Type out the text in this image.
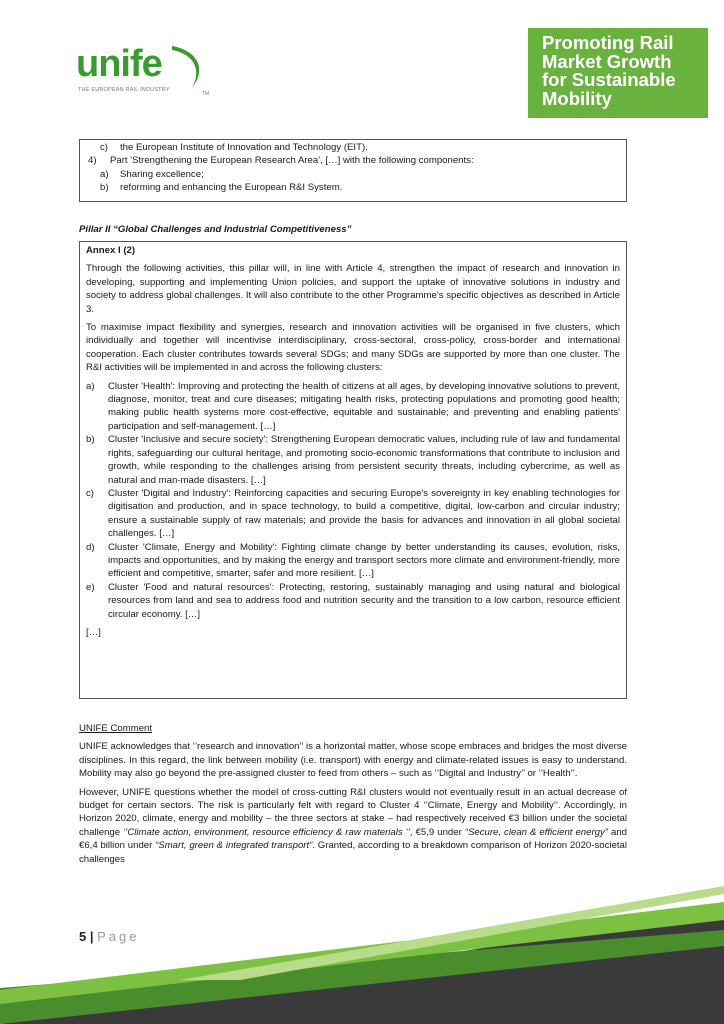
unife
THE EUROPEAN RAIL INDUSTRY
TM
Promoting Rail
Market Growth
for Sustainable
Mobility
c)	the European Institute of Innovation and Technology (EIT).
4)	Part 'Strengthening the European Research Area', […] with the following components:
a)	Sharing excellence;
b)	reforming and enhancing the European R&I System.
Pillar II “Global Challenges and Industrial Competitiveness”

Annex I (2)

Through the following activities, this pillar will, in line with Article 4, strengthen the impact of research and innovation in developing, supporting and implementing Union policies, and support the uptake of innovative solutions in industry and society to address global challenges. It will also contribute to the other Programme's specific objectives as described in Article 3.

To maximise impact flexibility and synergies, research and innovation activities will be organised in five clusters, which individually and together will incentivise interdisciplinary, cross-sectoral, cross-policy, cross-border and international cooperation. Each cluster contributes towards several SDGs; and many SDGs are supported by more than one cluster. The R&I activities will be implemented in and across the following clusters:

a)	Cluster 'Health': Improving and protecting the health of citizens at all ages, by developing innovative solutions to prevent, diagnose, monitor, treat and cure diseases; mitigating health risks, protecting populations and promoting good health; making public health systems more cost-effective, equitable and sustainable; and preventing and enabling patients' participation and self-management. […]
b)	Cluster 'Inclusive and secure society': Strengthening European democratic values, including rule of law and fundamental rights, safeguarding our cultural heritage, and promoting socio-economic transformations that contribute to inclusion and growth, while responding to the challenges arising from persistent security threats, including cybercrime, as well as natural and man-made disasters. […]
c)	Cluster 'Digital and Industry': Reinforcing capacities and securing Europe's sovereignty in key enabling technologies for digitisation and production, and in space technology, to build a competitive, digital, low-carbon and circular industry; ensure a sustainable supply of raw materials; and provide the basis for advances and innovation in all global societal challenges. […]
d)	Cluster 'Climate, Energy and Mobility': Fighting climate change by better understanding its causes, evolution, risks, impacts and opportunities, and by making the energy and transport sectors more climate and environment-friendly, more efficient and competitive, smarter, safer and more resilient. […]
e)	Cluster 'Food and natural resources': Protecting, restoring, sustainably managing and using natural and biological resources from land and sea to address food and nutrition security and the transition to a low carbon, resource efficient circular economy. […]

[…]

UNIFE Comment

UNIFE acknowledges that ‘’research and innovation’’ is a horizontal matter, whose scope embraces and bridges the most diverse disciplines. In this regard, the link between mobility (i.e. transport) with energy and climate-related issues is easy to understand. Mobility may also go beyond the pre-assigned cluster to feed from others – such as ‘’Digital and Industry’’ or ‘’Health’’.

However, UNIFE questions whether the model of cross-cutting R&I clusters would not eventually result in an actual decrease of budget for certain sectors. The risk is particularly felt with regard to Cluster 4 ‘’Climate, Energy and Mobility’’. Accordingly, in Horizon 2020, climate, energy and mobility – the three sectors at stake – had respectively received €3 billion under the societal challenge ‘’Climate action, environment, resource efficiency & raw materials ‘’, €5,9 under “Secure, clean & efficient energy” and €6,4 billion under “Smart, green & integrated transport”. Granted, according to a breakdown comparison of Horizon 2020-societal challenges

5 | Page
